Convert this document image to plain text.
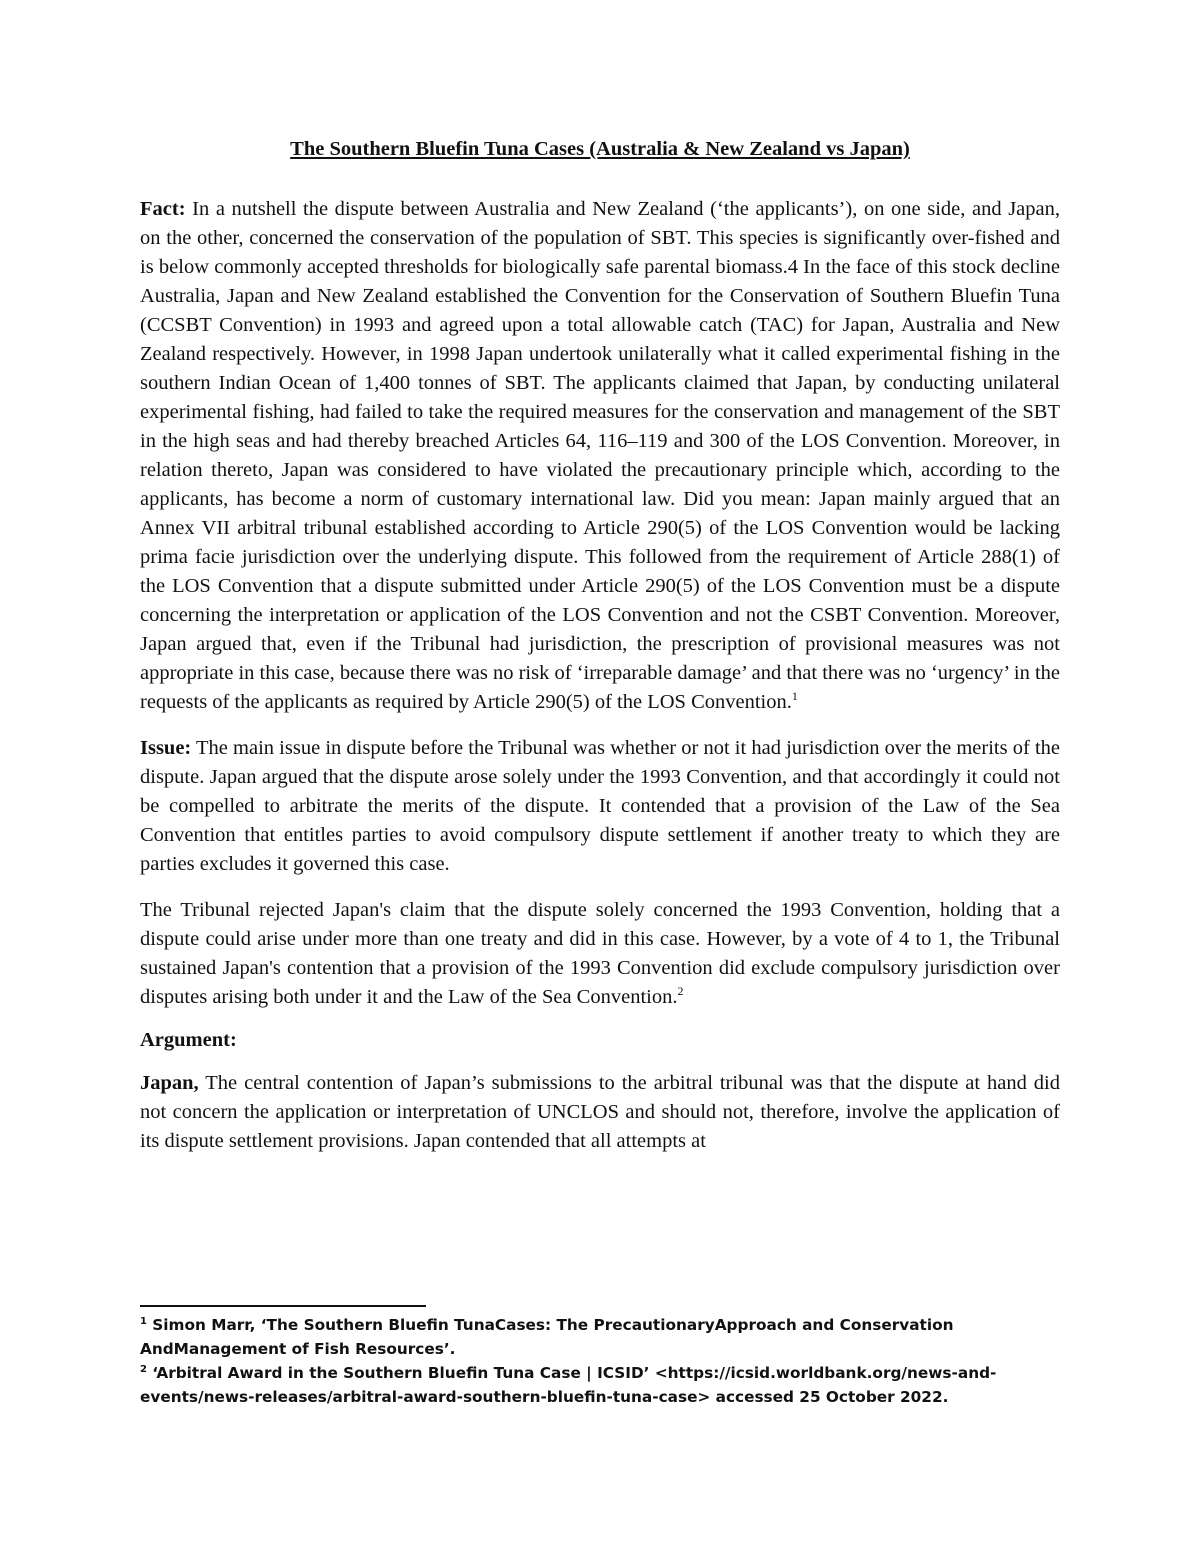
The Southern Bluefin Tuna Cases (Australia & New Zealand vs Japan)

Fact: In a nutshell the dispute between Australia and New Zealand (‘the applicants’), on one side, and Japan, on the other, concerned the conservation of the population of SBT. This species is significantly over-fished and is below commonly accepted thresholds for biologically safe parental biomass.4 In the face of this stock decline Australia, Japan and New Zealand established the Convention for the Conservation of Southern Bluefin Tuna (CCSBT Convention) in 1993 and agreed upon a total allowable catch (TAC) for Japan, Australia and New Zealand respectively. However, in 1998 Japan undertook unilaterally what it called experimental fishing in the southern Indian Ocean of 1,400 tonnes of SBT. The applicants claimed that Japan, by conducting unilateral experimental fishing, had failed to take the required measures for the conservation and management of the SBT in the high seas and had thereby breached Articles 64, 116–119 and 300 of the LOS Convention. Moreover, in relation thereto, Japan was considered to have violated the precautionary principle which, according to the applicants, has become a norm of customary international law. Did you mean: Japan mainly argued that an Annex VII arbitral tribunal established according to Article 290(5) of the LOS Convention would be lacking prima facie jurisdiction over the underlying dispute. This followed from the requirement of Article 288(1) of the LOS Convention that a dispute submitted under Article 290(5) of the LOS Convention must be a dispute concerning the interpretation or application of the LOS Convention and not the CSBT Convention. Moreover, Japan argued that, even if the Tribunal had jurisdiction, the prescription of provisional measures was not appropriate in this case, because there was no risk of ‘irreparable damage’ and that there was no ‘urgency’ in the requests of the applicants as required by Article 290(5) of the LOS Convention.$^1$

Issue: The main issue in dispute before the Tribunal was whether or not it had jurisdiction over the merits of the dispute. Japan argued that the dispute arose solely under the 1993 Convention, and that accordingly it could not be compelled to arbitrate the merits of the dispute. It contended that a provision of the Law of the Sea Convention that entitles parties to avoid compulsory dispute settlement if another treaty to which they are parties excludes it governed this case.

The Tribunal rejected Japan's claim that the dispute solely concerned the 1993 Convention, holding that a dispute could arise under more than one treaty and did in this case. However, by a vote of 4 to 1, the Tribunal sustained Japan's contention that a provision of the 1993 Convention did exclude compulsory jurisdiction over disputes arising both under it and the Law of the Sea Convention.$^2$

Argument:

Japan, The central contention of Japan’s submissions to the arbitral tribunal was that the dispute at hand did not concern the application or interpretation of UNCLOS and should not, therefore, involve the application of its dispute settlement provisions. Japan contended that all attempts at

$^1$ Simon Marr, ‘The Southern Bluefin TunaCases: The PrecautionaryApproach and Conservation AndManagement of Fish Resources’.

$^2$ ‘Arbitral Award in the Southern Bluefin Tuna Case | ICSID’ <https://icsid.worldbank.org/news-and-events/news-releases/arbitral-award-southern-bluefin-tuna-case> accessed 25 October 2022.
